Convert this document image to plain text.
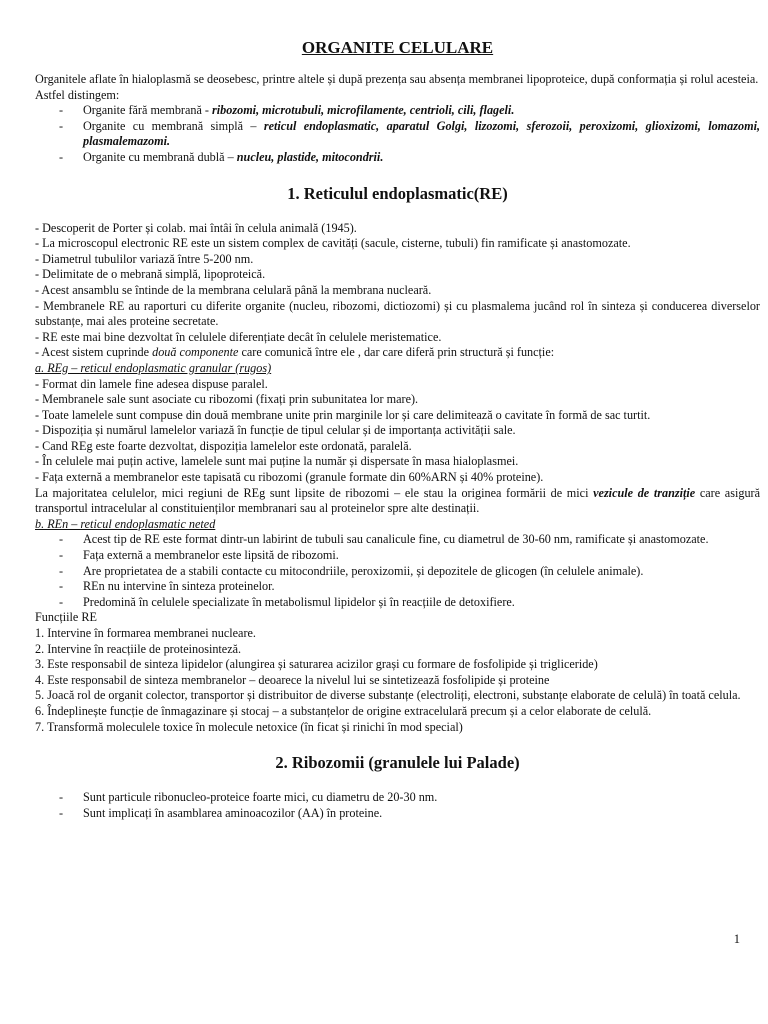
ORGANITE CELULARE

Organitele aflate în hialoplasmă se deosebesc, printre altele și după prezența sau absența membranei lipoproteice, după conformația și rolul acesteia.

Astfel distingem:

- Organite fără membrană - ribozomi, microtubuli, microfilamente, centrioli, cili, flageli.
- Organite cu membrană simplă – reticul endoplasmatic, aparatul Golgi, lizozomi, sferozoii, peroxizomi, glioxizomi, lomazomi, plasmalemazomi.
- Organite cu membrană dublă – nucleu, plastide, mitocondrii.
1. Reticulul endoplasmatic(RE)

- Descoperit de Porter și colab. mai întâi în celula animală (1945).

- La microscopul electronic RE este un sistem complex de cavități (sacule, cisterne, tubuli) fin ramificate și anastomozate.

- Diametrul tubulilor variază între 5-200 nm.

- Delimitate de o mebrană simplă, lipoproteică.

- Acest ansamblu se întinde de la membrana celulară până la membrana nucleară.

- Membranele RE au raporturi cu diferite organite (nucleu, ribozomi, dictiozomi) și cu plasmalema jucând rol în sinteza și conducerea diverselor substanțe, mai ales proteine secretate.

- RE este mai bine dezvoltat în celulele diferențiate decât în celulele meristematice.

- Acest sistem cuprinde două componente care comunică între ele , dar care diferă prin structură și funcție:

a. REg – reticul endoplasmatic granular (rugos)

- Format din lamele fine adesea dispuse paralel.

- Membranele sale sunt asociate cu ribozomi (fixați prin subunitatea lor mare).

- Toate lamelele sunt compuse din două membrane unite prin marginile lor și care delimitează o cavitate în formă de sac turtit.

- Dispoziția și numărul lamelelor variază în funcție de tipul celular și de importanța activității sale.

- Cand REg este foarte dezvoltat, dispoziția lamelelor este ordonată, paralelă.

- În celulele mai puțin active, lamelele sunt mai puține la număr și dispersate în masa hialoplasmei.

- Fața externă a membranelor este tapisată cu ribozomi (granule formate din 60%ARN și 40% proteine).

La majoritatea celulelor, mici regiuni de REg sunt lipsite de ribozomi – ele stau la originea formării de mici vezicule de tranziție care asigură transportul intracelular al constituienților membranari sau al proteinelor spre alte destinații.

b. REn – reticul endoplasmatic neted

- Acest tip de RE este format dintr-un labirint de tubuli sau canalicule fine, cu diametrul de 30-60 nm, ramificate și anastomozate.
- Fața externă a membranelor este lipsită de ribozomi.
- Are proprietatea de a stabili contacte cu mitocondriile, peroxizomii, și depozitele de glicogen (în celulele animale).
- REn nu intervine în sinteza proteinelor.
- Predomină în celulele specializate în metabolismul lipidelor și în reacțiile de detoxifiere.

Funcțiile RE

1. Intervine în formarea membranei nucleare.
2. Intervine în reacțiile de proteinosinteză.
3. Este responsabil de sinteza lipidelor (alungirea și saturarea acizilor grași cu formare de fosfolipide și trigliceride)
4. Este responsabil de sinteza membranelor – deoarece la nivelul lui se sintetizează fosfolipide și proteine
5. Joacă rol de organit colector, transportor și distribuitor de diverse substanțe (electroliți, electroni, substanțe elaborate de celulă) în toată celula.
6. Îndeplinește funcție de înmagazinare și stocaj – a substanțelor de origine extracelulară precum și a celor elaborate de celulă.
7. Transformă moleculele toxice în molecule netoxice (în ficat și rinichi în mod special)
2. Ribozomii (granulele lui Palade)
- Sunt particule ribonucleo-proteice foarte mici, cu diametru de 20-30 nm.
- Sunt implicați în asamblarea aminoacozilor (AA) în proteine.
1
